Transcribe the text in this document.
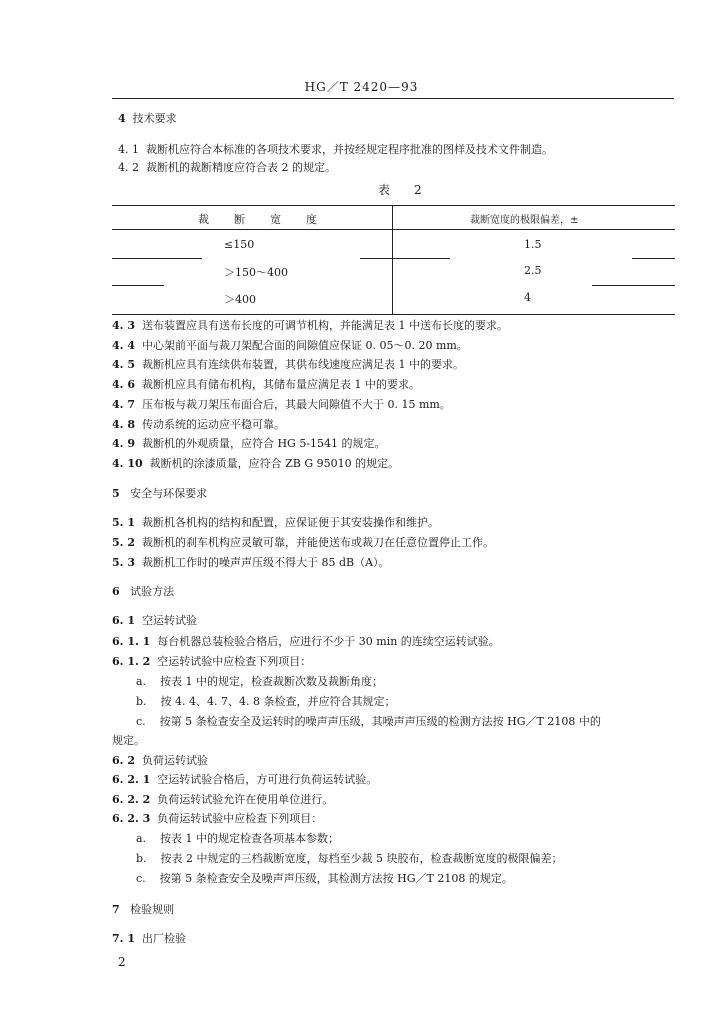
HG／T 2420—93
4 技术要求
4. 1 裁断机应符合本标准的各项技术要求，并按经规定程序批准的图样及技术文件制造。
4. 2 裁断机的裁断精度应符合表 2 的规定。
表　2
裁　　断　　宽　　度	裁断宽度的极限偏差，±
≤150	1.5
＞150～400	2.5
＞400	4
4. 3 送布装置应具有送布长度的可调节机构，并能满足表 1 中送布长度的要求。
4. 4 中心架前平面与裁刀架配合面的间隙值应保证 0. 05～0. 20 mm。
4. 5 裁断机应具有连续供布装置，其供布线速度应满足表 1 中的要求。
4. 6 裁断机应具有储布机构，其储布量应满足表 1 中的要求。
4. 7 压布板与裁刀架压布面合后，其最大间隙值不大于 0. 15 mm。
4. 8 传动系统的运动应平稳可靠。
4. 9 裁断机的外观质量，应符合 HG 5-1541 的规定。
4. 10 裁断机的涂漆质量，应符合 ZB G 95010 的规定。
5 安全与环保要求
5. 1 裁断机各机构的结构和配置，应保证便于其安装操作和维护。
5. 2 裁断机的刹车机构应灵敏可靠，并能使送布或裁刀在任意位置停止工作。
5. 3 裁断机工作时的噪声声压级不得大于 85 dB（A）。
6 试验方法
6. 1 空运转试验
6. 1. 1 每台机器总装检验合格后，应进行不少于 30 min 的连续空运转试验。
6. 1. 2 空运转试验中应检查下列项目：
a. 按表 1 中的规定，检查裁断次数及裁断角度；
b. 按 4. 4、4. 7、4. 8 条检查，并应符合其规定；
c. 按第 5 条检查安全及运转时的噪声声压级，其噪声声压级的检测方法按 HG／T 2108 中的
规定。
6. 2 负荷运转试验
6. 2. 1 空运转试验合格后，方可进行负荷运转试验。
6. 2. 2 负荷运转试验允许在使用单位进行。
6. 2. 3 负荷运转试验中应检查下列项目：
a. 按表 1 中的规定检查各项基本参数；
b. 按表 2 中规定的三档裁断宽度，每档至少裁 5 块胶布，检查裁断宽度的极限偏差；
c. 按第 5 条检查安全及噪声声压级，其检测方法按 HG／T 2108 的规定。
7 检验规则
7. 1 出厂检验
2
